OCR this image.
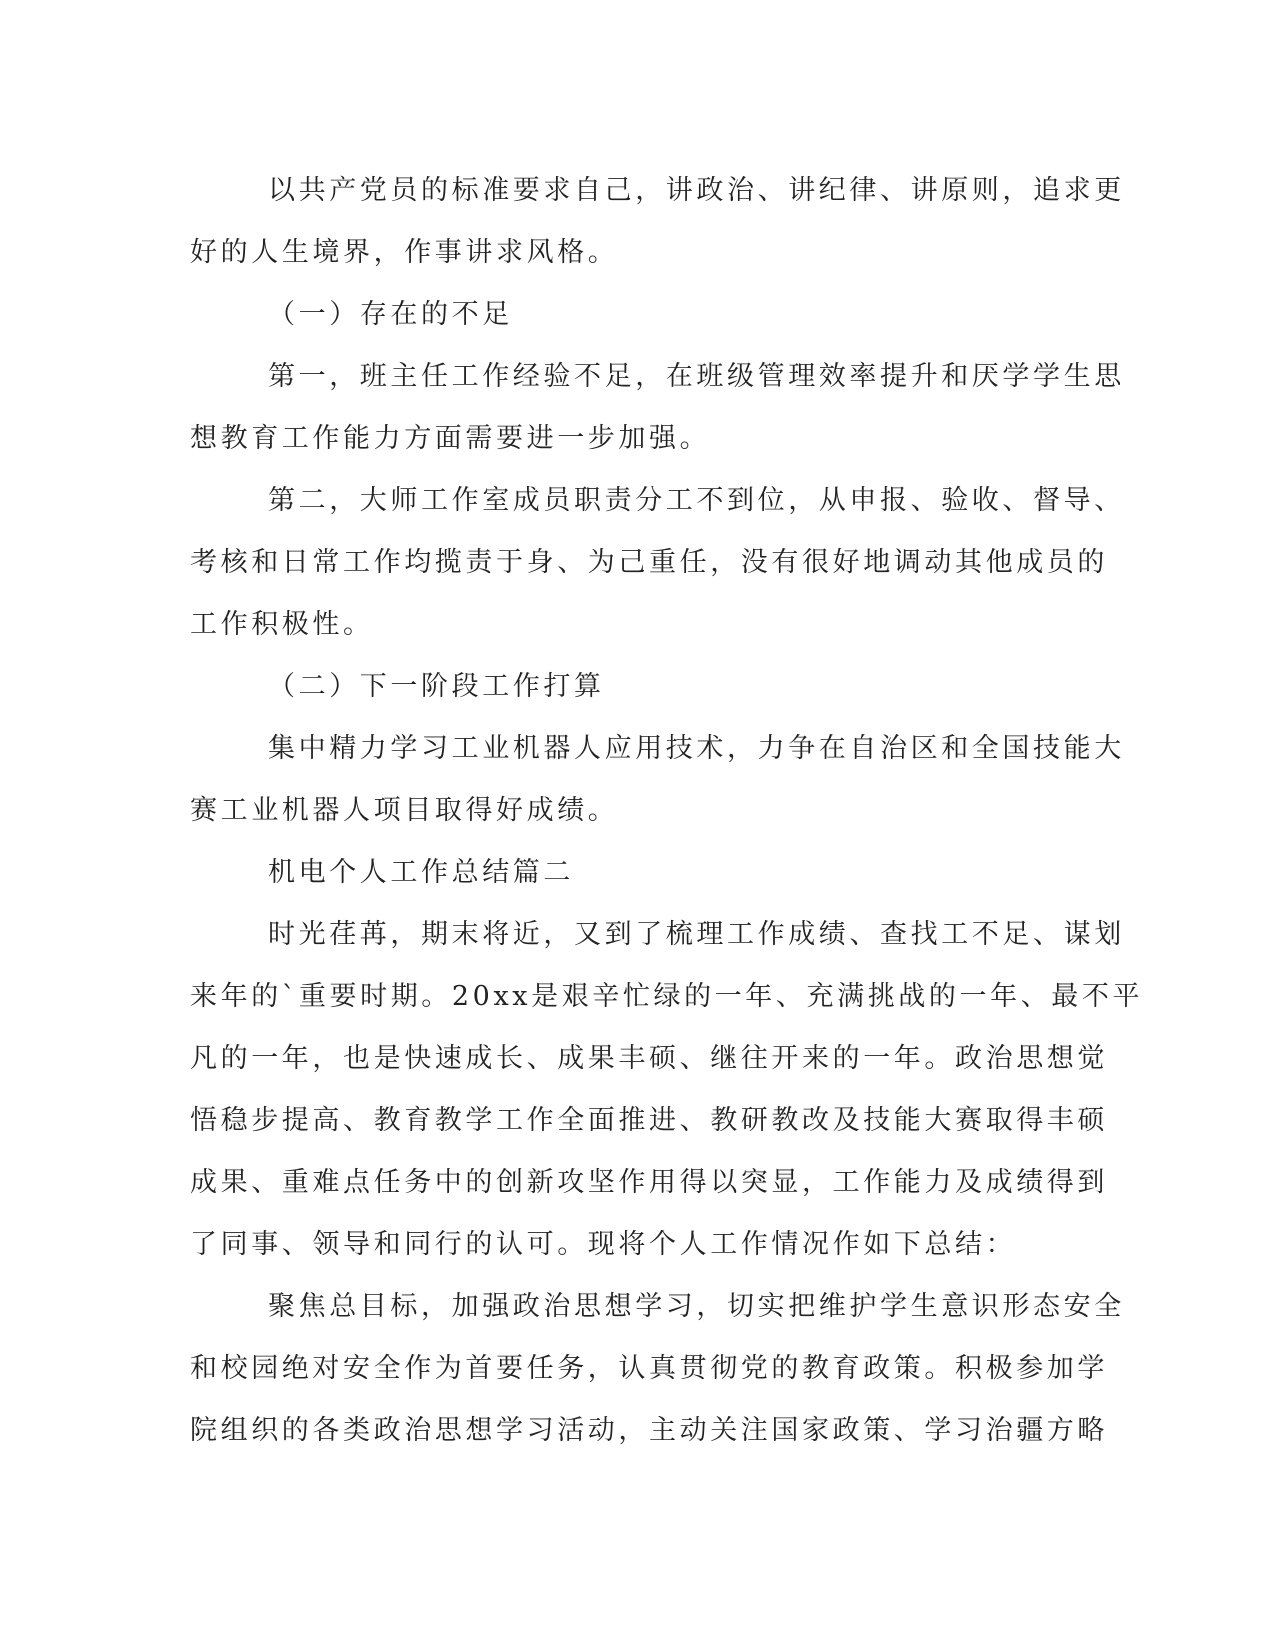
以共产党员的标准要求自己，讲政治、讲纪律、讲原则，追求更
好的人生境界，作事讲求风格。
（一）存在的不足
第一，班主任工作经验不足，在班级管理效率提升和厌学学生思
想教育工作能力方面需要进一步加强。
第二，大师工作室成员职责分工不到位，从申报、验收、督导、
考核和日常工作均揽责于身、为己重任，没有很好地调动其他成员的
工作积极性。
（二）下一阶段工作打算
集中精力学习工业机器人应用技术，力争在自治区和全国技能大
赛工业机器人项目取得好成绩。
机电个人工作总结篇二
时光荏苒，期末将近，又到了梳理工作成绩、查找工不足、谋划
来年的`重要时期。20xx是艰辛忙绿的一年、充满挑战的一年、最不平
凡的一年，也是快速成长、成果丰硕、继往开来的一年。政治思想觉
悟稳步提高、教育教学工作全面推进、教研教改及技能大赛取得丰硕
成果、重难点任务中的创新攻坚作用得以突显，工作能力及成绩得到
了同事、领导和同行的认可。现将个人工作情况作如下总结：
聚焦总目标，加强政治思想学习，切实把维护学生意识形态安全
和校园绝对安全作为首要任务，认真贯彻党的教育政策。积极参加学
院组织的各类政治思想学习活动，主动关注国家政策、学习治疆方略
